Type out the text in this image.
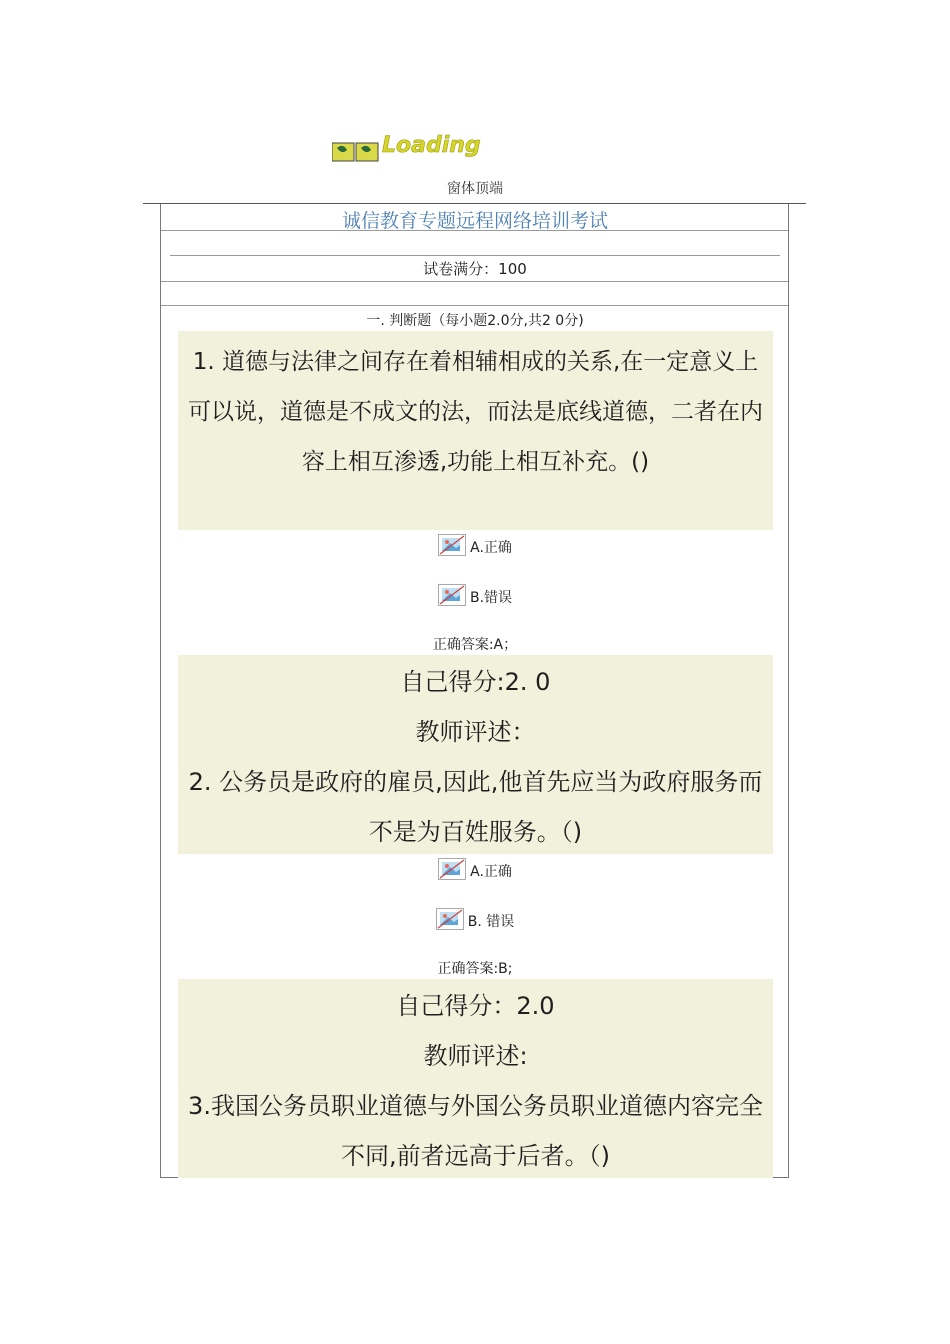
Loading
窗体顶端
诚信教育专题远程网络培训考试
试卷满分：100
一. 判断题（每小题2.0分,共2 0分)
1. 道德与法律之间存在着相辅相成的关系,在一定意义上可以说，道德是不成文的法，而法是底线道德，二者在内容上相互渗透,功能上相互补充。()
A.正确
B.错误
正确答案:A；
自己得分:2. 0
教师评述：
2. 公务员是政府的雇员,因此,他首先应当为政府服务而不是为百姓服务。（)
A.正确
B. 错误
正确答案:B;
自己得分：2.0
教师评述:
3.我国公务员职业道德与外国公务员职业道德内容完全不同,前者远高于后者。（)
